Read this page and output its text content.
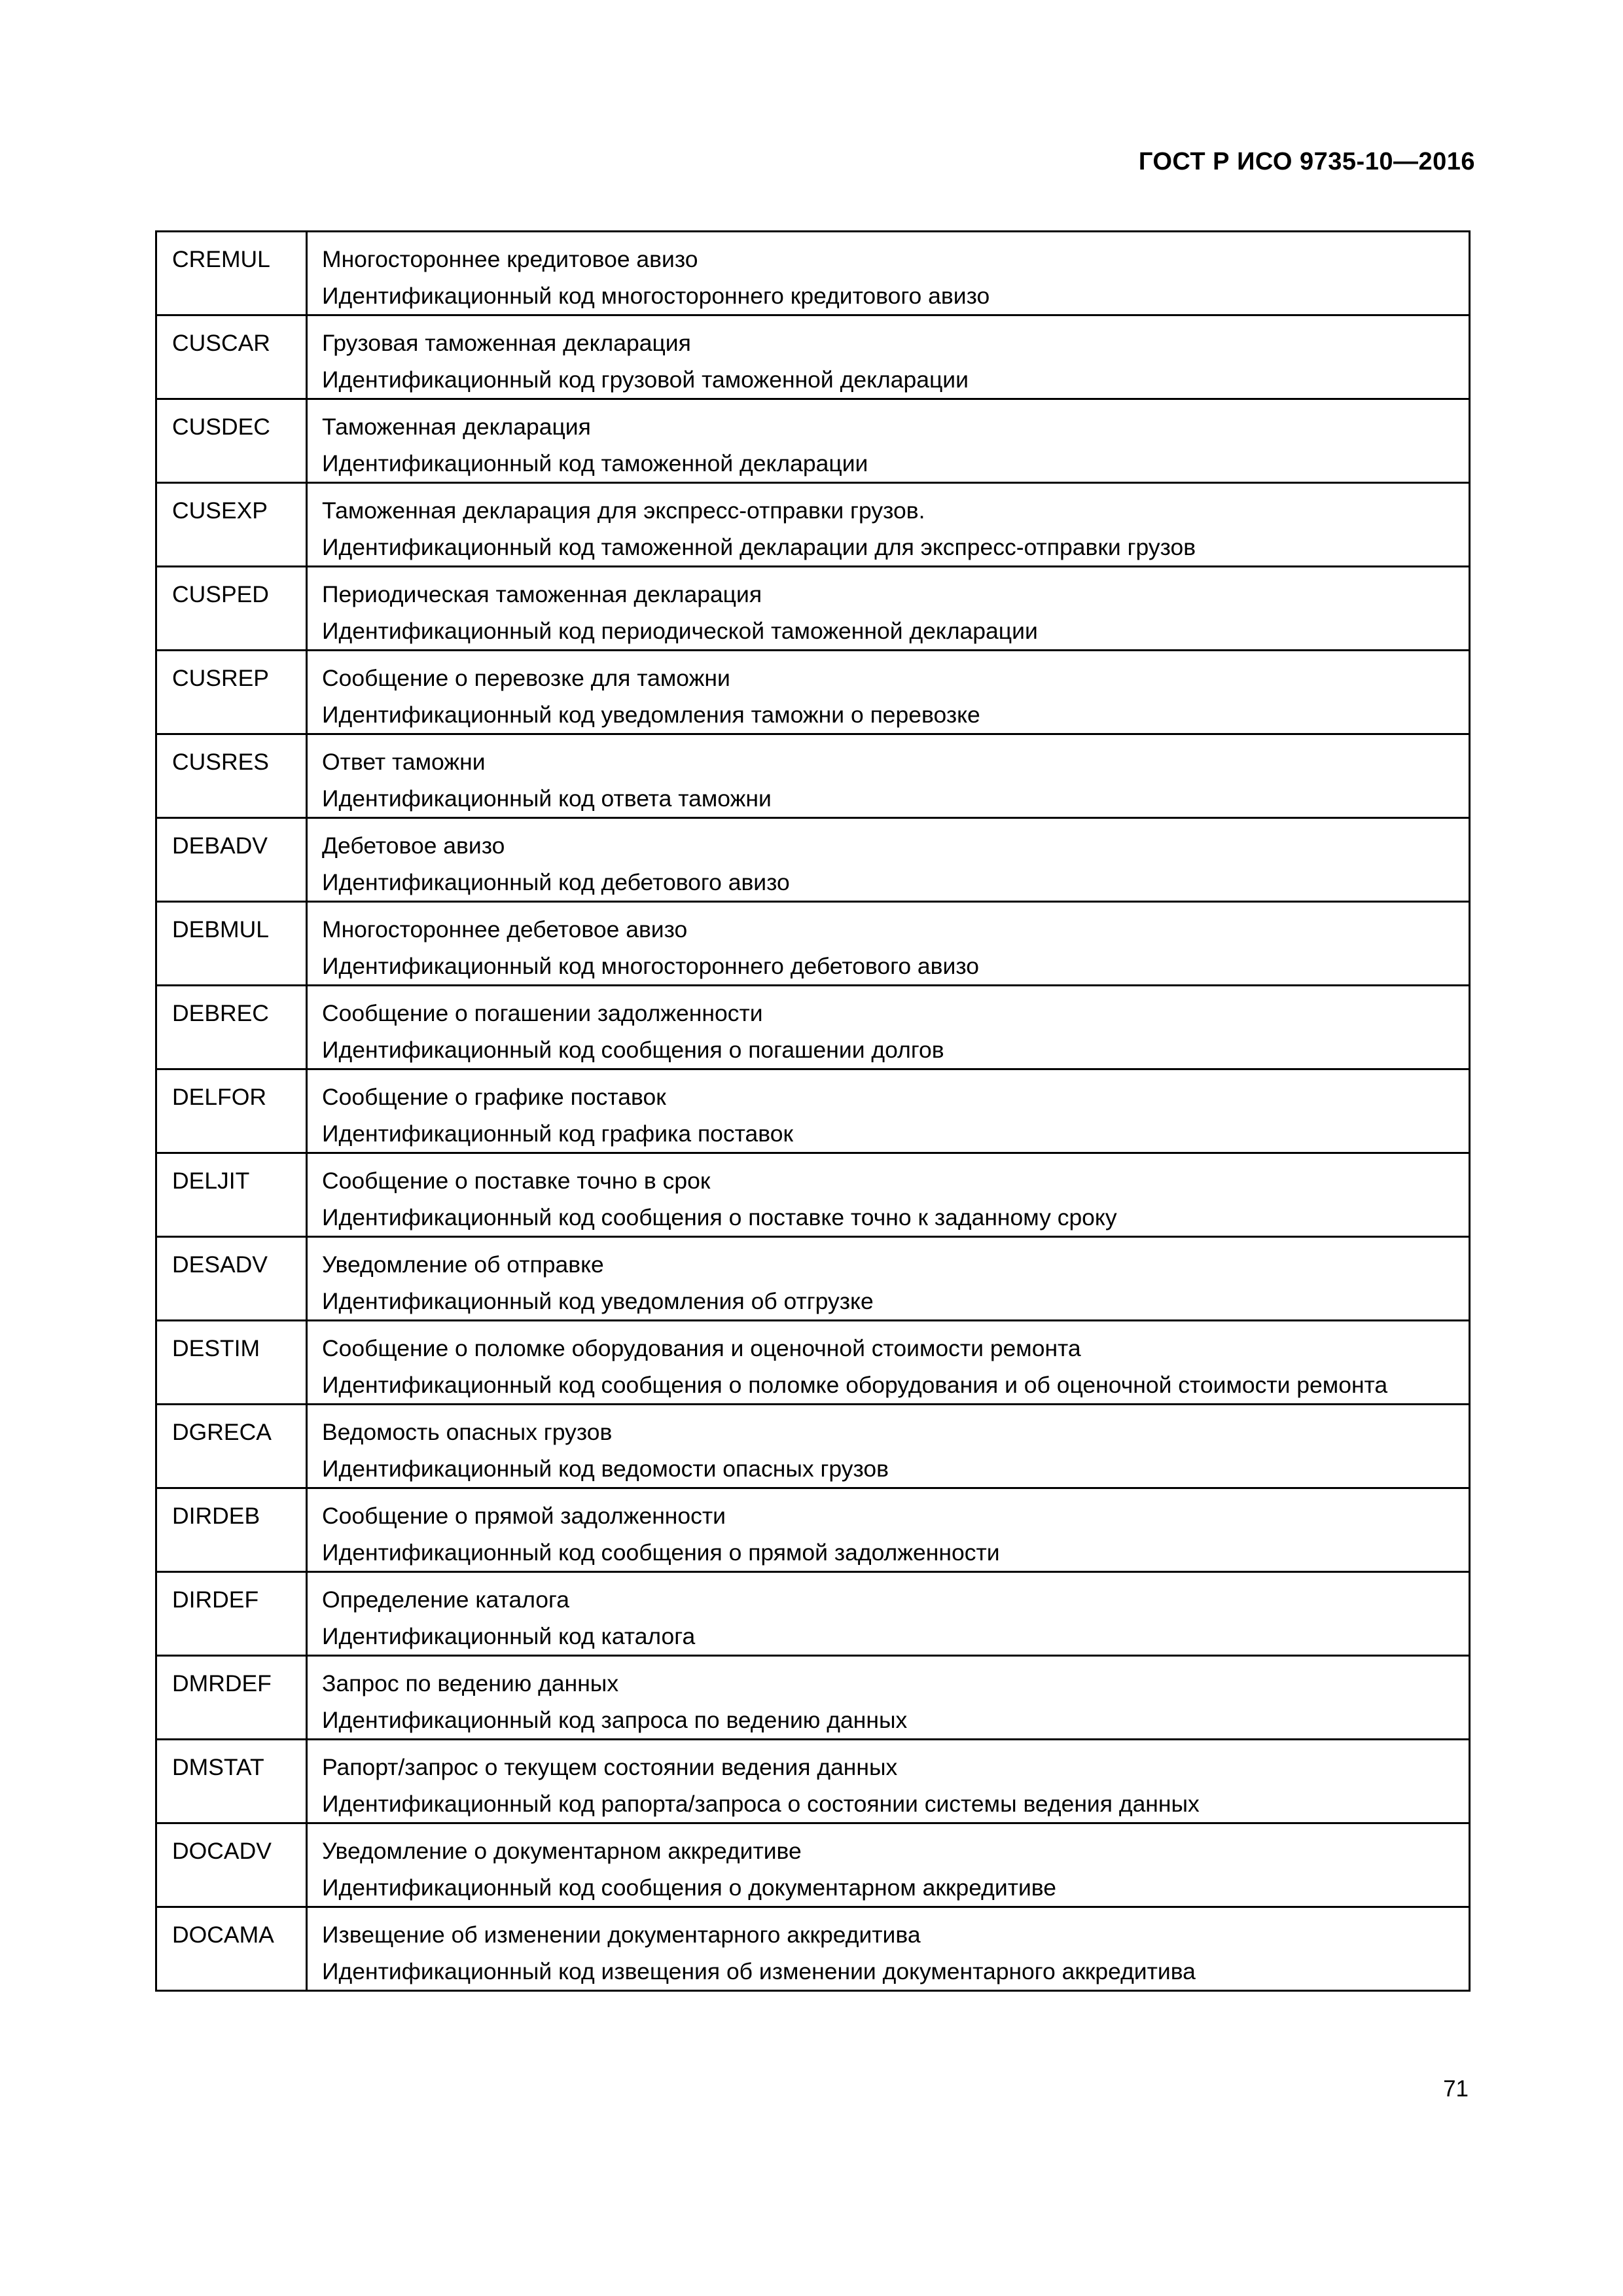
ГОСТ Р ИСО 9735-10—2016
CREMUL	Многостороннее кредитовое авизо
Идентификационный код многостороннего кредитового авизо

CUSCAR	Грузовая таможенная декларация
Идентификационный код грузовой таможенной декларации

CUSDEC	Таможенная декларация
Идентификационный код таможенной декларации

CUSEXP	Таможенная декларация для экспресс-отправки грузов.
Идентификационный код таможенной декларации для экспресс-отправки грузов

CUSPED	Периодическая таможенная декларация
Идентификационный код периодической таможенной декларации

CUSREP	Сообщение о перевозке для таможни
Идентификационный код уведомления таможни о перевозке

CUSRES	Ответ таможни
Идентификационный код ответа таможни

DEBADV	Дебетовое авизо
Идентификационный код дебетового авизо

DEBMUL	Многостороннее дебетовое авизо
Идентификационный код многостороннего дебетового авизо

DEBREC	Сообщение о погашении задолженности
Идентификационный код сообщения о погашении долгов

DELFOR	Сообщение о графике поставок
Идентификационный код графика поставок

DELJIT	Сообщение о поставке точно в срок
Идентификационный код сообщения о поставке точно к заданному сроку

DESADV	Уведомление об отправке
Идентификационный код уведомления об отгрузке

DESTIM	Сообщение о поломке оборудования и оценочной стоимости ремонта
Идентификационный код сообщения о поломке оборудования и об оценочной стоимости ремонта

DGRECA	Ведомость опасных грузов
Идентификационный код ведомости опасных грузов

DIRDEB	Сообщение о прямой задолженности
Идентификационный код сообщения о прямой задолженности

DIRDEF	Определение каталога
Идентификационный код каталога

DMRDEF	Запрос по ведению данных
Идентификационный код запроса по ведению данных

DMSTAT	Рапорт/запрос о текущем состоянии ведения данных
Идентификационный код рапорта/запроса о состоянии системы ведения данных

DOCADV	Уведомление о документарном аккредитиве
Идентификационный код сообщения о документарном аккредитиве

DOCAMA	Извещение об изменении документарного аккредитива
Идентификационный код извещения об изменении документарного аккредитива
71
